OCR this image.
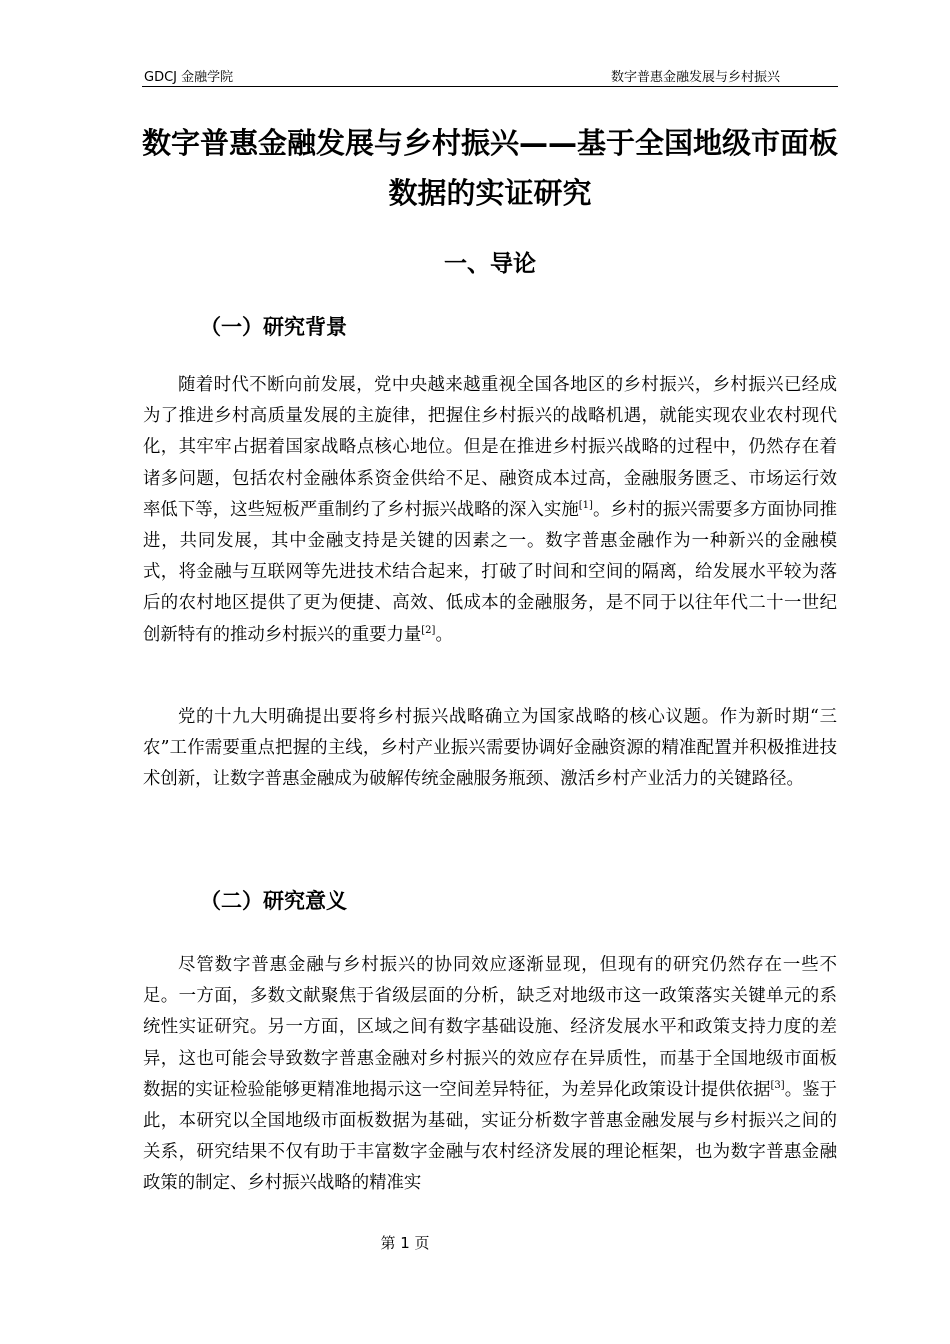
GDCJ 金融学院	数字普惠金融发展与乡村振兴
数字普惠金融发展与乡村振兴——基于全国地级市面板
数据的实证研究
一、导论
（一）研究背景

随着时代不断向前发展，党中央越来越重视全国各地区的乡村振兴，乡村振兴已经成为了推进乡村高质量发展的主旋律，把握住乡村振兴的战略机遇，就能实现农业农村现代化，其牢牢占据着国家战略点核心地位。但是在推进乡村振兴战略的过程中，仍然存在着诸多问题，包括农村金融体系资金供给不足、融资成本过高，金融服务匮乏、市场运行效率低下等，这些短板严重制约了乡村振兴战略的深入实施[1]。乡村的振兴需要多方面协同推进，共同发展，其中金融支持是关键的因素之一。数字普惠金融作为一种新兴的金融模式，将金融与互联网等先进技术结合起来，打破了时间和空间的隔离，给发展水平较为落后的农村地区提供了更为便捷、高效、低成本的金融服务，是不同于以往年代二十一世纪创新特有的推动乡村振兴的重要力量[2]。

党的十九大明确提出要将乡村振兴战略确立为国家战略的核心议题。作为新时期“三农”工作需要重点把握的主线，乡村产业振兴需要协调好金融资源的精准配置并积极推进技术创新，让数字普惠金融成为破解传统金融服务瓶颈、激活乡村产业活力的关键路径。

（二）研究意义

尽管数字普惠金融与乡村振兴的协同效应逐渐显现，但现有的研究仍然存在一些不足。一方面，多数文献聚焦于省级层面的分析，缺乏对地级市这一政策落实关键单元的系统性实证研究。另一方面，区域之间有数字基础设施、经济发展水平和政策支持力度的差异，这也可能会导致数字普惠金融对乡村振兴的效应存在异质性，而基于全国地级市面板数据的实证检验能够更精准地揭示这一空间差异特征，为差异化政策设计提供依据[3]。鉴于此，本研究以全国地级市面板数据为基础，实证分析数字普惠金融发展与乡村振兴之间的关系，研究结果不仅有助于丰富数字金融与农村经济发展的理论框架，也为数字普惠金融政策的制定、乡村振兴战略的精准实

第 1 页
